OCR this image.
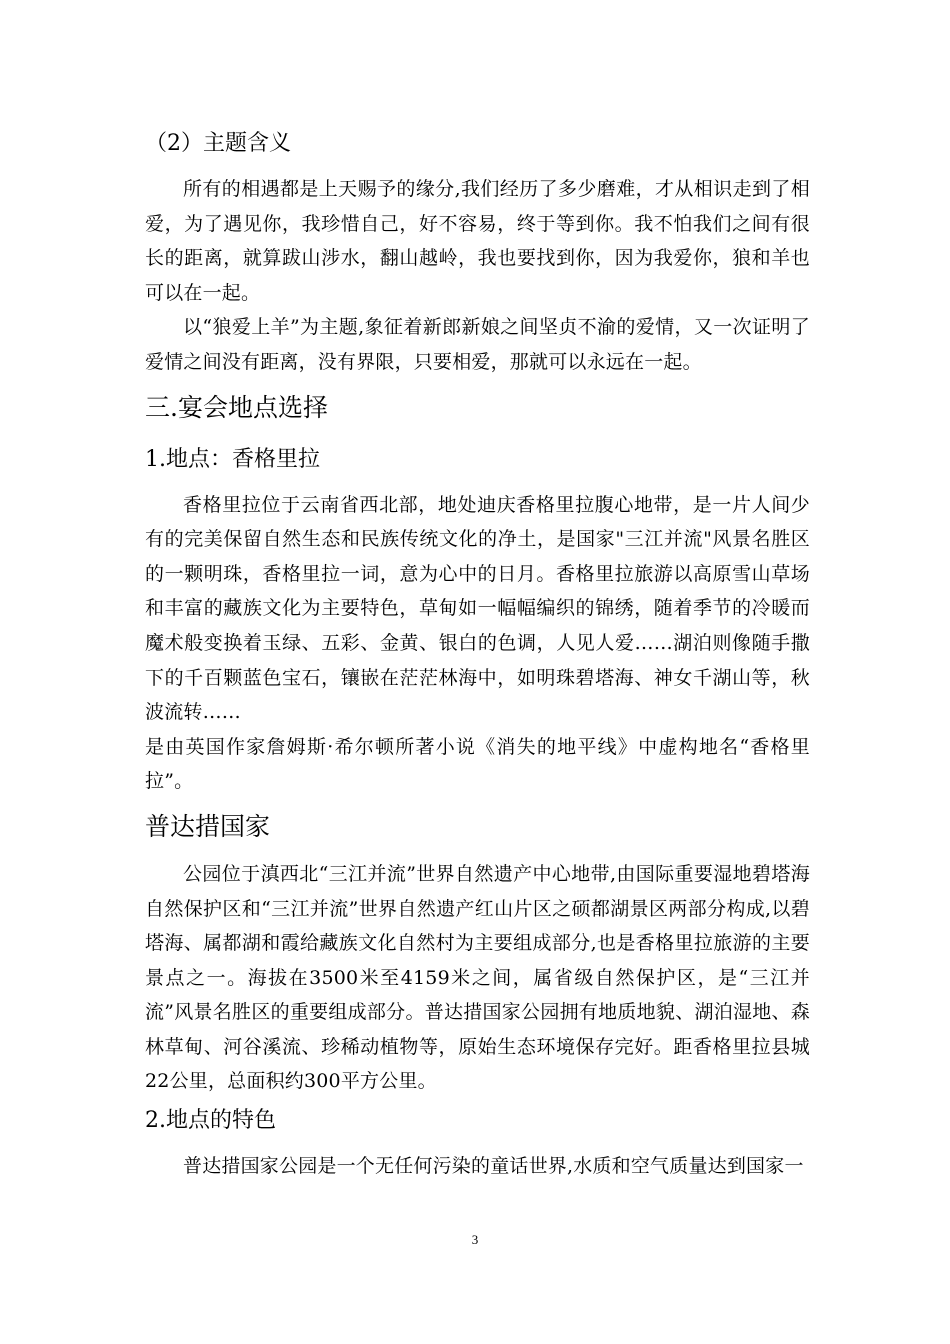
（2）主题含义

所有的相遇都是上天赐予的缘分,我们经历了多少磨难，才从相识走到了相爱，为了遇见你，我珍惜自己，好不容易，终于等到你。我不怕我们之间有很长的距离，就算跋山涉水，翻山越岭，我也要找到你，因为我爱你，狼和羊也可以在一起。

以“狼爱上羊”为主题,象征着新郎新娘之间坚贞不渝的爱情，又一次证明了爱情之间没有距离，没有界限，只要相爱，那就可以永远在一起。

三.宴会地点选择
1.地点：香格里拉

香格里拉位于云南省西北部，地处迪庆香格里拉腹心地带，是一片人间少有的完美保留自然生态和民族传统文化的净土，是国家"三江并流"风景名胜区的一颗明珠，香格里拉一词，意为心中的日月。香格里拉旅游以高原雪山草场和丰富的藏族文化为主要特色，草甸如一幅幅编织的锦绣，随着季节的冷暖而魔术般变换着玉绿、五彩、金黄、银白的色调，人见人爱……湖泊则像随手撒下的千百颗蓝色宝石，镶嵌在茫茫林海中，如明珠碧塔海、神女千湖山等，秋波流转……

是由英国作家詹姆斯·希尔顿所著小说《消失的地平线》中虚构地名“香格里拉”。

普达措国家

公园位于滇西北“三江并流”世界自然遗产中心地带,由国际重要湿地碧塔海自然保护区和“三江并流”世界自然遗产红山片区之硕都湖景区两部分构成,以碧塔海、属都湖和霞给藏族文化自然村为主要组成部分,也是香格里拉旅游的主要景点之一。海拔在3500米至4159米之间，属省级自然保护区，是“三江并流”风景名胜区的重要组成部分。普达措国家公园拥有地质地貌、湖泊湿地、森林草甸、河谷溪流、珍稀动植物等，原始生态环境保存完好。距香格里拉县城22公里，总面积约300平方公里。

2.地点的特色

普达措国家公园是一个无任何污染的童话世界,水质和空气质量达到国家一

3
